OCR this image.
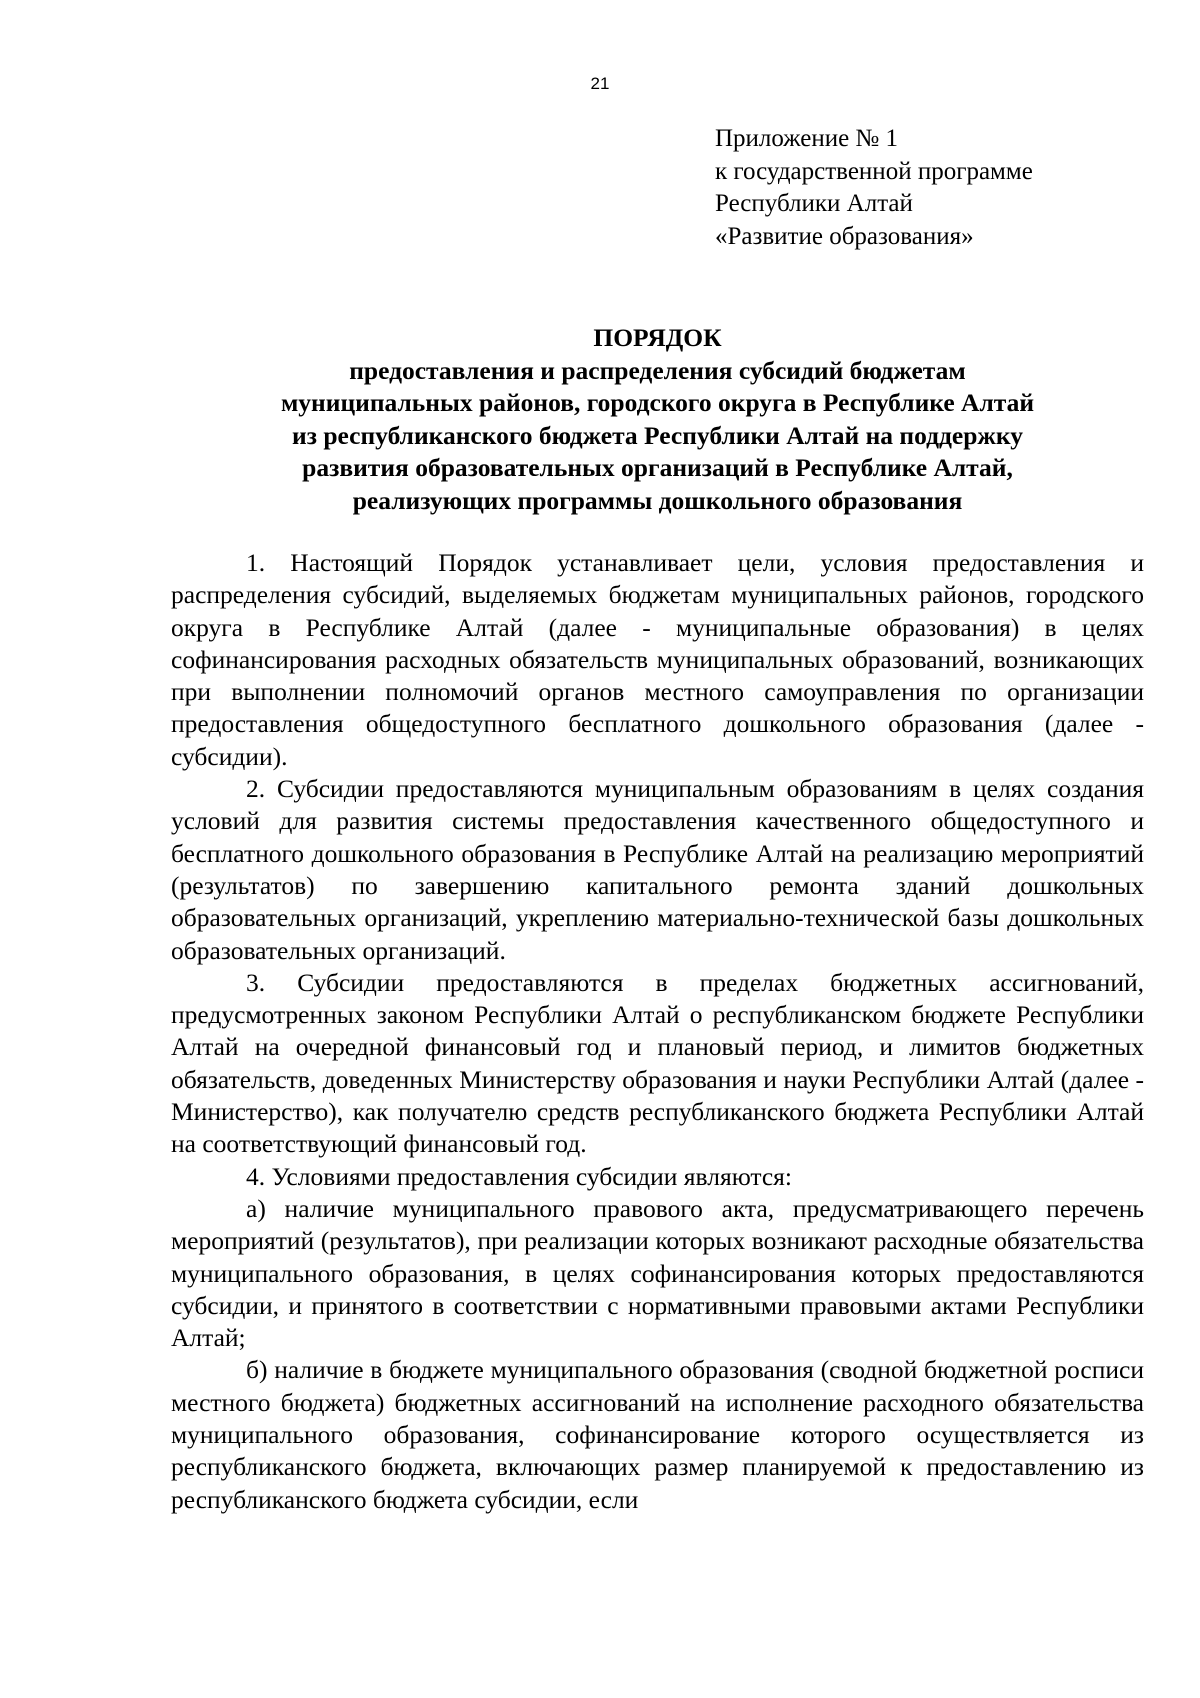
21
Приложение № 1
к государственной программе
Республики Алтай
«Развитие образования»
ПОРЯДОК
предоставления и распределения субсидий бюджетам
муниципальных районов, городского округа в Республике Алтай
из республиканского бюджета Республики Алтай на поддержку
развития образовательных организаций в Республике Алтай,
реализующих программы дошкольного образования

1. Настоящий Порядок устанавливает цели, условия предоставления и распределения субсидий, выделяемых бюджетам муниципальных районов, городского округа в Республике Алтай (далее - муниципальные образования) в целях софинансирования расходных обязательств муниципальных образований, возникающих при выполнении полномочий органов местного самоуправления по организации предоставления общедоступного бесплатного дошкольного образования (далее - субсидии).

2. Субсидии предоставляются муниципальным образованиям в целях создания условий для развития системы предоставления качественного общедоступного и бесплатного дошкольного образования в Республике Алтай на реализацию мероприятий (результатов) по завершению капитального ремонта зданий дошкольных образовательных организаций, укреплению материально-технической базы дошкольных образовательных организаций.

3. Субсидии предоставляются в пределах бюджетных ассигнований, предусмотренных законом Республики Алтай о республиканском бюджете Республики Алтай на очередной финансовый год и плановый период, и лимитов бюджетных обязательств, доведенных Министерству образования и науки Республики Алтай (далее - Министерство), как получателю средств республиканского бюджета Республики Алтай на соответствующий финансовый год.

4. Условиями предоставления субсидии являются:

а) наличие муниципального правового акта, предусматривающего перечень мероприятий (результатов), при реализации которых возникают расходные обязательства муниципального образования, в целях софинансирования которых предоставляются субсидии, и принятого в соответствии с нормативными правовыми актами Республики Алтай;

б) наличие в бюджете муниципального образования (сводной бюджетной росписи местного бюджета) бюджетных ассигнований на исполнение расходного обязательства муниципального образования, софинансирование которого осуществляется из республиканского бюджета, включающих размер планируемой к предоставлению из республиканского бюджета субсидии, если
